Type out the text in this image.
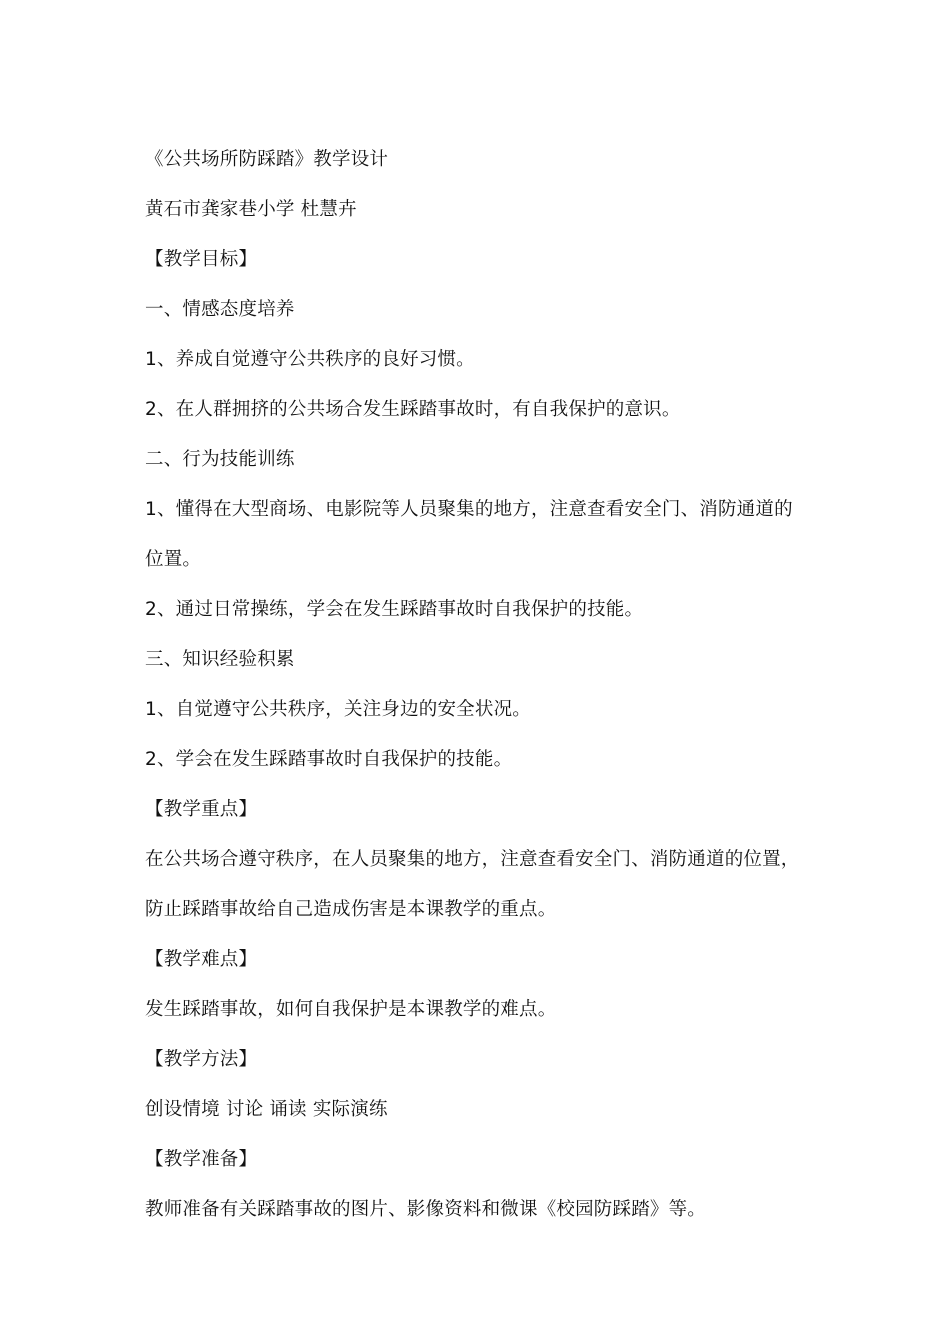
《公共场所防踩踏》教学设计
黄石市龚家巷小学 杜慧卉
【教学目标】
一、情感态度培养
1、养成自觉遵守公共秩序的良好习惯。
2、在人群拥挤的公共场合发生踩踏事故时，有自我保护的意识。
二、行为技能训练
1、懂得在大型商场、电影院等人员聚集的地方，注意查看安全门、消防通道的
位置。
2、通过日常操练，学会在发生踩踏事故时自我保护的技能。
三、知识经验积累
1、自觉遵守公共秩序，关注身边的安全状况。
2、学会在发生踩踏事故时自我保护的技能。
【教学重点】
在公共场合遵守秩序，在人员聚集的地方，注意查看安全门、消防通道的位置，
防止踩踏事故给自己造成伤害是本课教学的重点。
【教学难点】
发生踩踏事故，如何自我保护是本课教学的难点。
【教学方法】
创设情境 讨论 诵读 实际演练
【教学准备】
教师准备有关踩踏事故的图片、影像资料和微课《校园防踩踏》等。
